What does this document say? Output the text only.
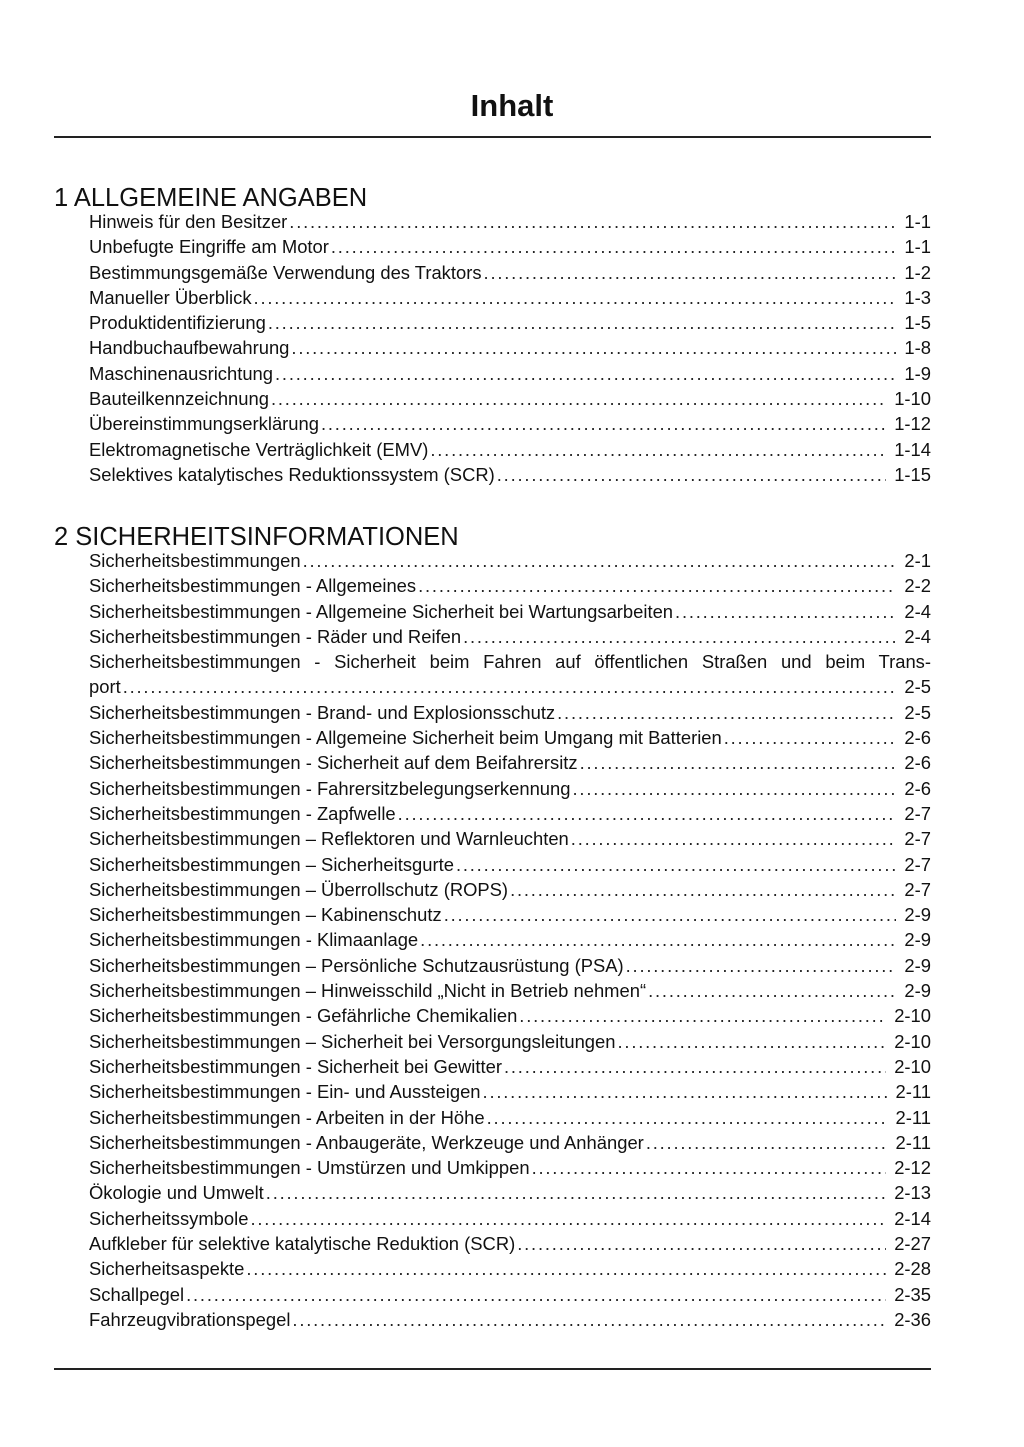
Inhalt
1 ALLGEMEINE ANGABEN
Hinweis für den Besitzer .....	1-1
Unbefugte Eingriffe am Motor .....	1-1
Bestimmungsgemäße Verwendung des Traktors .....	1-2
Manueller Überblick .....	1-3
Produktidentifizierung .....	1-5
Handbuchaufbewahrung .....	1-8
Maschinenausrichtung .....	1-9
Bauteilkennzeichnung .....	1-10
Übereinstimmungserklärung .....	1-12
Elektromagnetische Verträglichkeit (EMV) .....	1-14
Selektives katalytisches Reduktionssystem (SCR) .....	1-15
2 SICHERHEITSINFORMATIONEN
Sicherheitsbestimmungen .....	2-1
Sicherheitsbestimmungen - Allgemeines .....	2-2
Sicherheitsbestimmungen - Allgemeine Sicherheit bei Wartungsarbeiten .....	2-4
Sicherheitsbestimmungen - Räder und Reifen .....	2-4
Sicherheitsbestimmungen - Sicherheit beim Fahren auf öffentlichen Straßen und beim Trans-
port .....	2-5
Sicherheitsbestimmungen - Brand- und Explosionsschutz .....	2-5
Sicherheitsbestimmungen - Allgemeine Sicherheit beim Umgang mit Batterien .....	2-6
Sicherheitsbestimmungen - Sicherheit auf dem Beifahrersitz .....	2-6
Sicherheitsbestimmungen - Fahrersitzbelegungserkennung .....	2-6
Sicherheitsbestimmungen - Zapfwelle .....	2-7
Sicherheitsbestimmungen – Reflektoren und Warnleuchten .....	2-7
Sicherheitsbestimmungen – Sicherheitsgurte .....	2-7
Sicherheitsbestimmungen – Überrollschutz (ROPS) .....	2-7
Sicherheitsbestimmungen – Kabinenschutz .....	2-9
Sicherheitsbestimmungen - Klimaanlage .....	2-9
Sicherheitsbestimmungen – Persönliche Schutzausrüstung (PSA) .....	2-9
Sicherheitsbestimmungen – Hinweisschild „Nicht in Betrieb nehmen“ .....	2-9
Sicherheitsbestimmungen - Gefährliche Chemikalien .....	2-10
Sicherheitsbestimmungen – Sicherheit bei Versorgungsleitungen .....	2-10
Sicherheitsbestimmungen - Sicherheit bei Gewitter .....	2-10
Sicherheitsbestimmungen - Ein- und Aussteigen .....	2-11
Sicherheitsbestimmungen - Arbeiten in der Höhe .....	2-11
Sicherheitsbestimmungen - Anbaugeräte, Werkzeuge und Anhänger .....	2-11
Sicherheitsbestimmungen - Umstürzen und Umkippen .....	2-12
Ökologie und Umwelt .....	2-13
Sicherheitssymbole .....	2-14
Aufkleber für selektive katalytische Reduktion (SCR) .....	2-27
Sicherheitsaspekte .....	2-28
Schallpegel .....	2-35
Fahrzeugvibrationspegel .....	2-36
